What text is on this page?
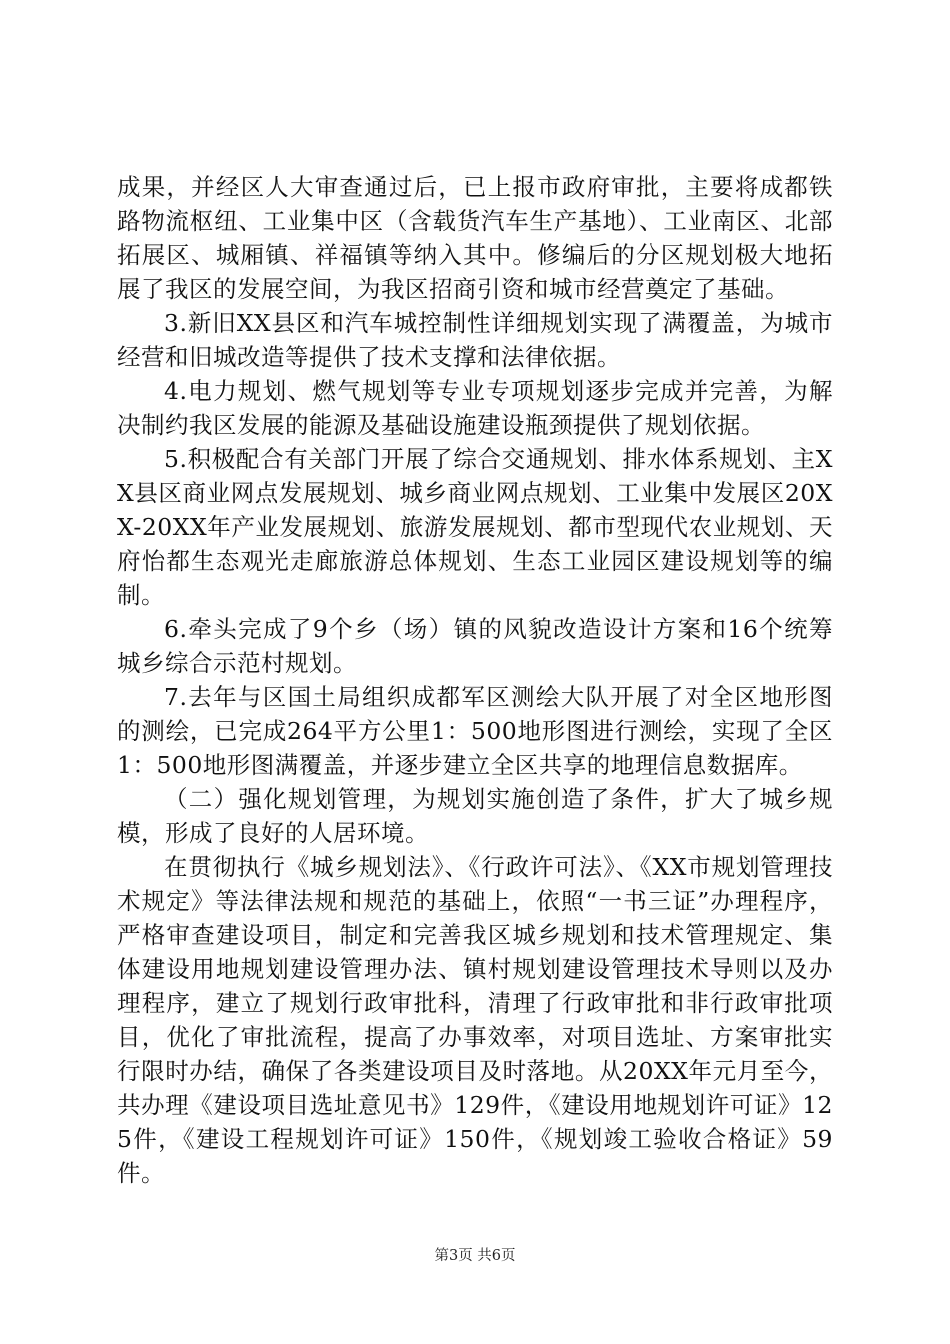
成果，并经区人大审查通过后，已上报市政府审批，主要将成都铁路物流枢纽、工业集中区（含载货汽车生产基地）、工业南区、北部拓展区、城厢镇、祥福镇等纳入其中。修编后的分区规划极大地拓展了我区的发展空间，为我区招商引资和城市经营奠定了基础。

3.新旧XX县区和汽车城控制性详细规划实现了满覆盖，为城市经营和旧城改造等提供了技术支撑和法律依据。

4.电力规划、燃气规划等专业专项规划逐步完成并完善，为解决制约我区发展的能源及基础设施建设瓶颈提供了规划依据。

5.积极配合有关部门开展了综合交通规划、排水体系规划、主XX县区商业网点发展规划、城乡商业网点规划、工业集中发展区20XX-20XX年产业发展规划、旅游发展规划、都市型现代农业规划、天府怡都生态观光走廊旅游总体规划、生态工业园区建设规划等的编制。

6.牵头完成了9个乡（场）镇的风貌改造设计方案和16个统筹城乡综合示范村规划。

7.去年与区国土局组织成都军区测绘大队开展了对全区地形图的测绘，已完成264平方公里1：500地形图进行测绘，实现了全区1：500地形图满覆盖，并逐步建立全区共享的地理信息数据库。

（二）强化规划管理，为规划实施创造了条件，扩大了城乡规模，形成了良好的人居环境。

在贯彻执行《城乡规划法》、《行政许可法》、《XX市规划管理技术规定》等法律法规和规范的基础上，依照“一书三证”办理程序，严格审查建设项目，制定和完善我区城乡规划和技术管理规定、集体建设用地规划建设管理办法、镇村规划建设管理技术导则以及办理程序，建立了规划行政审批科，清理了行政审批和非行政审批项目，优化了审批流程，提高了办事效率，对项目选址、方案审批实行限时办结，确保了各类建设项目及时落地。从20XX年元月至今，共办理《建设项目选址意见书》129件，《建设用地规划许可证》125件，《建设工程规划许可证》150件，《规划竣工验收合格证》59件。

第3页 共6页
